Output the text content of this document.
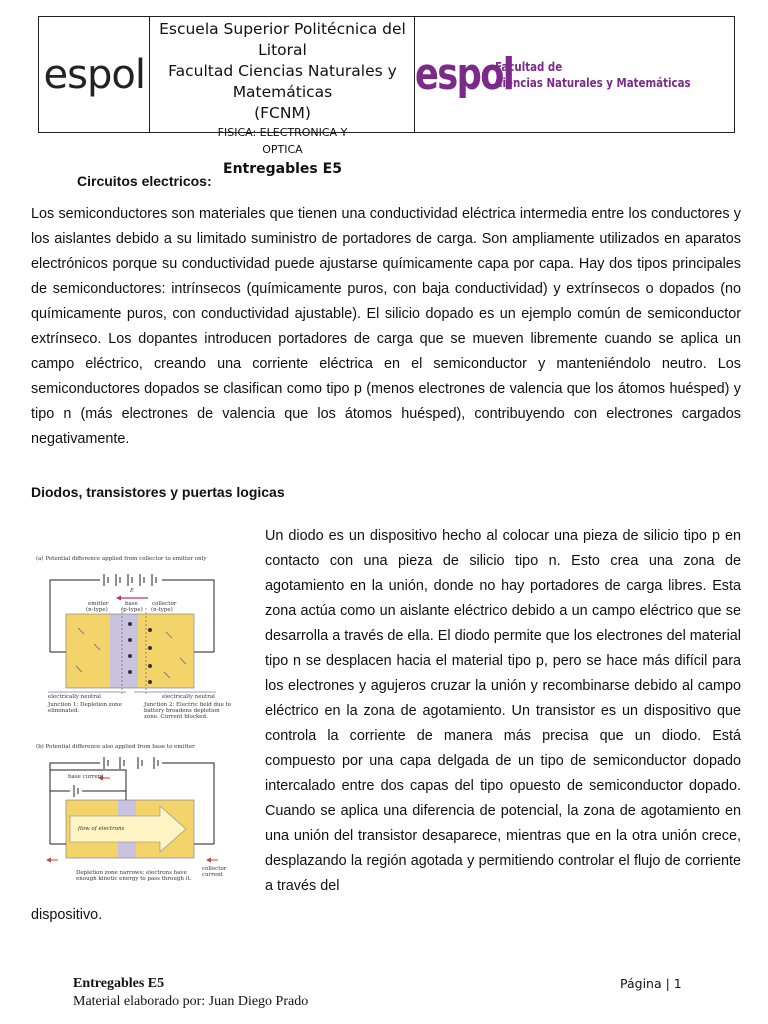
espol
Escuela Superior Politécnica del Litoral
Facultad Ciencias Naturales y Matemáticas
(FCNM)
FISICA: ELECTRONICA Y
OPTICA
Entregables E5
espol
Facultad de
Ciencias Naturales y Matemáticas
Circuitos electricos:
Los semiconductores son materiales que tienen una conductividad eléctrica intermedia entre los conductores y los aislantes debido a su limitado suministro de portadores de carga. Son ampliamente utilizados en aparatos electrónicos porque su conductividad puede ajustarse químicamente capa por capa. Hay dos tipos principales de semiconductores: intrínsecos (químicamente puros, con baja conductividad) y extrínsecos o dopados (no químicamente puros, con conductividad ajustable). El silicio dopado es un ejemplo común de semiconductor extrínseco. Los dopantes introducen portadores de carga que se mueven libremente cuando se aplica un campo eléctrico, creando una corriente eléctrica en el semiconductor y manteniéndolo neutro. Los semiconductores dopados se clasifican como tipo p (menos electrones de valencia que los átomos huésped) y tipo n (más electrones de valencia que los átomos huésped), contribuyendo con electrones cargados negativamente.
Diodos, transistores y puertas logicas
Un diodo es un dispositivo hecho al colocar una pieza de silicio tipo p en contacto con una pieza de silicio tipo n. Esto crea una zona de agotamiento en la unión, donde no hay portadores de carga libres. Esta zona actúa como un aislante eléctrico debido a un campo eléctrico que se desarrolla a través de ella. El diodo permite que los electrones del material tipo n se desplacen hacia el material tipo p, pero se hace más difícil para los electrones y agujeros cruzar la unión y recombinarse debido al campo eléctrico en la zona de agotamiento. Un transistor es un dispositivo que controla la corriente de manera más precisa que un diodo. Está compuesto por una capa delgada de un tipo de semiconductor dopado intercalado entre dos capas del tipo opuesto de semiconductor dopado. Cuando se aplica una diferencia de potencial, la zona de agotamiento en una unión del transistor desaparece, mientras que en la otra unión crece, desplazando la región agotada y permitiendo controlar el flujo de corriente a través del
dispositivo.
(a) Potential difference applied from collector to emitter only
emitter
(n-type)
base
(p-type)
collector
(n-type)
E
electrically neutral	electrically neutral
Junction 1: Depletion zone eliminated.
Junction 2: Electric field due to battery broadens depletion zone. Current blocked.
(b) Potential difference also applied from base to emitter
base current
flow of electrons
collector current
Depletion zone narrows; electrons have enough kinetic energy to pass through it.
Entregables E5
Material elaborado por: Juan Diego Prado
Página | 1
